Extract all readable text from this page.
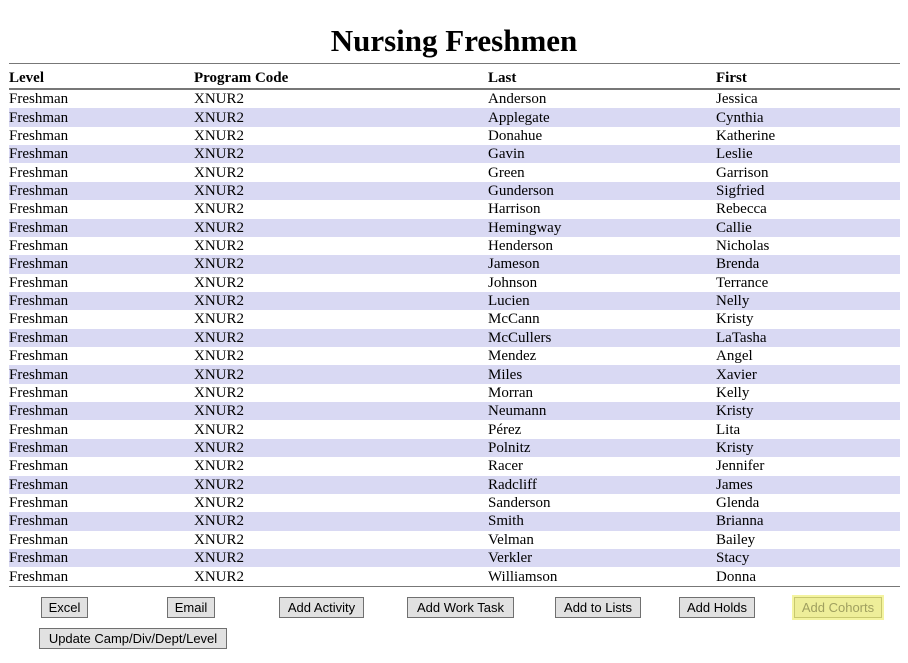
Nursing Freshmen
Level	Program Code	Last	First
Freshman	XNUR2	Anderson	Jessica
Freshman	XNUR2	Applegate	Cynthia
Freshman	XNUR2	Donahue	Katherine
Freshman	XNUR2	Gavin	Leslie
Freshman	XNUR2	Green	Garrison
Freshman	XNUR2	Gunderson	Sigfried
Freshman	XNUR2	Harrison	Rebecca
Freshman	XNUR2	Hemingway	Callie
Freshman	XNUR2	Henderson	Nicholas
Freshman	XNUR2	Jameson	Brenda
Freshman	XNUR2	Johnson	Terrance
Freshman	XNUR2	Lucien	Nelly
Freshman	XNUR2	McCann	Kristy
Freshman	XNUR2	McCullers	LaTasha
Freshman	XNUR2	Mendez	Angel
Freshman	XNUR2	Miles	Xavier
Freshman	XNUR2	Morran	Kelly
Freshman	XNUR2	Neumann	Kristy
Freshman	XNUR2	Pérez	Lita
Freshman	XNUR2	Polnitz	Kristy
Freshman	XNUR2	Racer	Jennifer
Freshman	XNUR2	Radcliff	James
Freshman	XNUR2	Sanderson	Glenda
Freshman	XNUR2	Smith	Brianna
Freshman	XNUR2	Velman	Bailey
Freshman	XNUR2	Verkler	Stacy
Freshman	XNUR2	Williamson	Donna
Excel	Email	Add Activity	Add Work Task	Add to Lists	Add Holds	Add Cohorts
Update Camp/Div/Dept/Level
